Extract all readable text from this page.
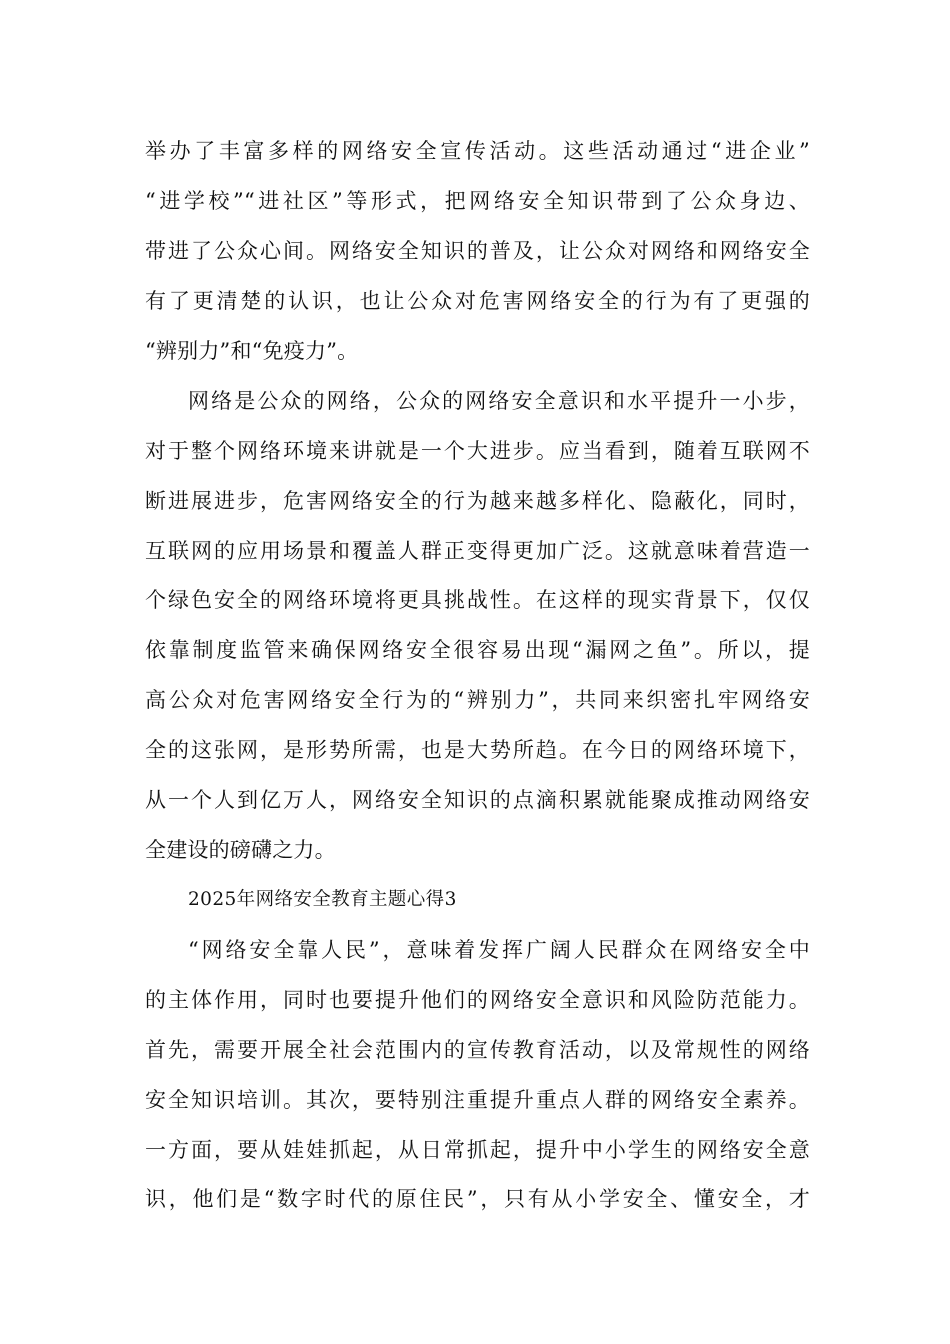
举办了丰富多样的网络安全宣传活动。这些活动通过“进企业”
“进学校”“进社区”等形式，把网络安全知识带到了公众身边、
带进了公众心间。网络安全知识的普及，让公众对网络和网络安全
有了更清楚的认识，也让公众对危害网络安全的行为有了更强的
“辨别力”和“免疫力”。
网络是公众的网络，公众的网络安全意识和水平提升一小步，
对于整个网络环境来讲就是一个大进步。应当看到，随着互联网不
断进展进步，危害网络安全的行为越来越多样化、隐蔽化，同时，
互联网的应用场景和覆盖人群正变得更加广泛。这就意味着营造一
个绿色安全的网络环境将更具挑战性。在这样的现实背景下，仅仅
依靠制度监管来确保网络安全很容易出现“漏网之鱼”。所以，提
高公众对危害网络安全行为的“辨别力”，共同来织密扎牢网络安
全的这张网，是形势所需，也是大势所趋。在今日的网络环境下，
从一个人到亿万人，网络安全知识的点滴积累就能聚成推动网络安
全建设的磅礴之力。
2025年网络安全教育主题心得3
“网络安全靠人民”，意味着发挥广阔人民群众在网络安全中
的主体作用，同时也要提升他们的网络安全意识和风险防范能力。
首先，需要开展全社会范围内的宣传教育活动，以及常规性的网络
安全知识培训。其次，要特别注重提升重点人群的网络安全素养。
一方面，要从娃娃抓起，从日常抓起，提升中小学生的网络安全意
识，他们是“数字时代的原住民”，只有从小学安全、懂安全，才
